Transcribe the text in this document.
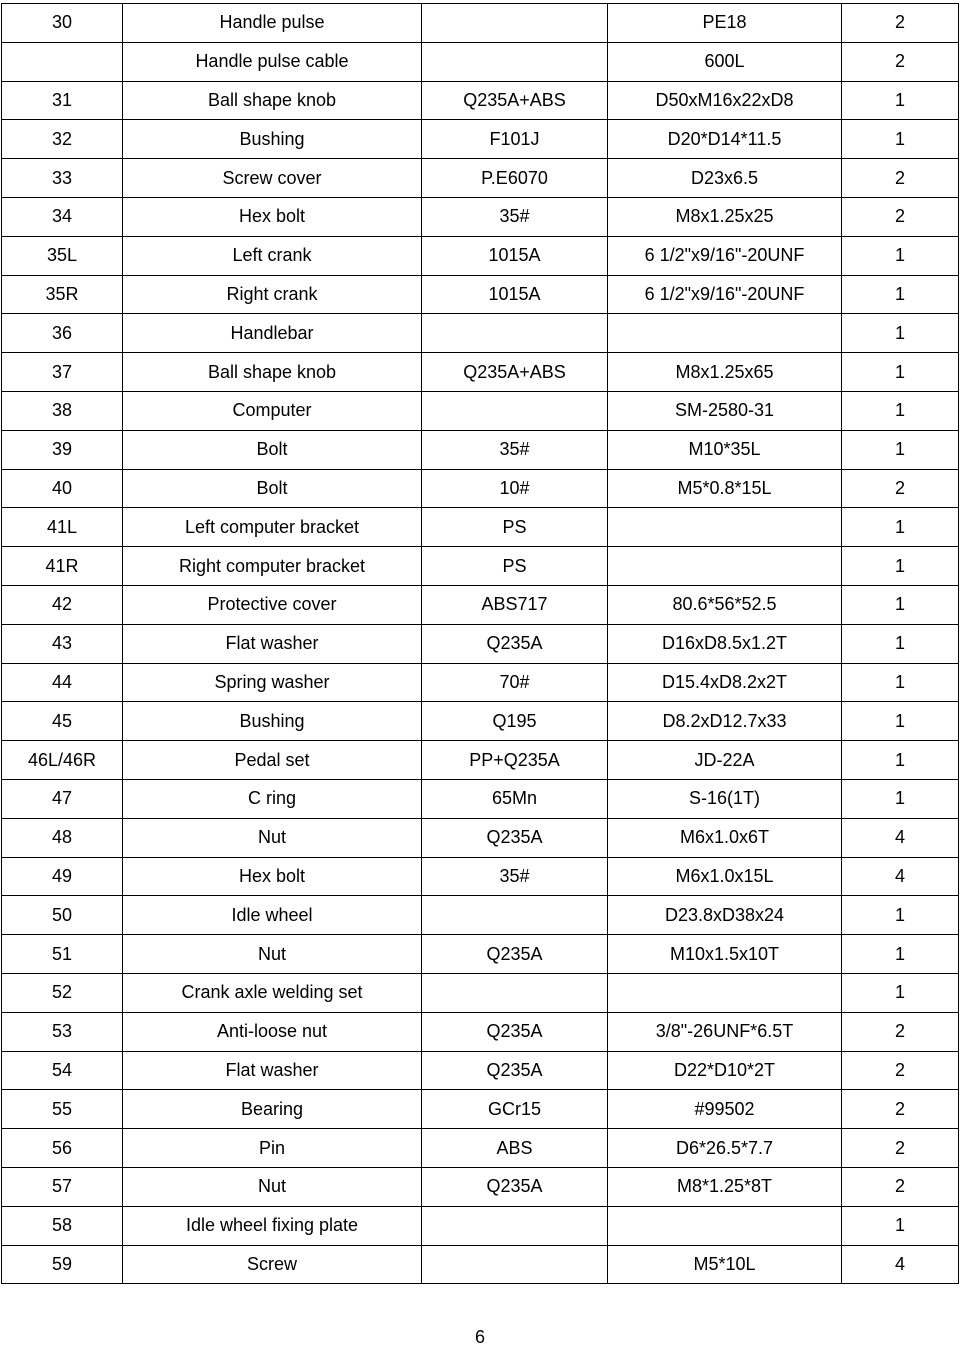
30	Handle pulse		PE18	2
	Handle pulse cable		600L	2
31	Ball shape knob	Q235A+ABS	D50xM16x22xD8	1
32	Bushing	F101J	D20*D14*11.5	1
33	Screw cover	P.E6070	D23x6.5	2
34	Hex bolt	35#	M8x1.25x25	2
35L	Left crank	1015A	6 1/2"x9/16"-20UNF	1
35R	Right crank	1015A	6 1/2"x9/16"-20UNF	1
36	Handlebar			1
37	Ball shape knob	Q235A+ABS	M8x1.25x65	1
38	Computer		SM-2580-31	1
39	Bolt	35#	M10*35L	1
40	Bolt	10#	M5*0.8*15L	2
41L	Left computer bracket	PS		1
41R	Right computer bracket	PS		1
42	Protective cover	ABS717	80.6*56*52.5	1
43	Flat washer	Q235A	D16xD8.5x1.2T	1
44	Spring washer	70#	D15.4xD8.2x2T	1
45	Bushing	Q195	D8.2xD12.7x33	1
46L/46R	Pedal set	PP+Q235A	JD-22A	1
47	C ring	65Mn	S-16(1T)	1
48	Nut	Q235A	M6x1.0x6T	4
49	Hex bolt	35#	M6x1.0x15L	4
50	Idle wheel		D23.8xD38x24	1
51	Nut	Q235A	M10x1.5x10T	1
52	Crank axle welding set			1
53	Anti-loose nut	Q235A	3/8"-26UNF*6.5T	2
54	Flat washer	Q235A	D22*D10*2T	2
55	Bearing	GCr15	#99502	2
56	Pin	ABS	D6*26.5*7.7	2
57	Nut	Q235A	M8*1.25*8T	2
58	Idle wheel fixing plate			1
59	Screw		M5*10L	4
6
